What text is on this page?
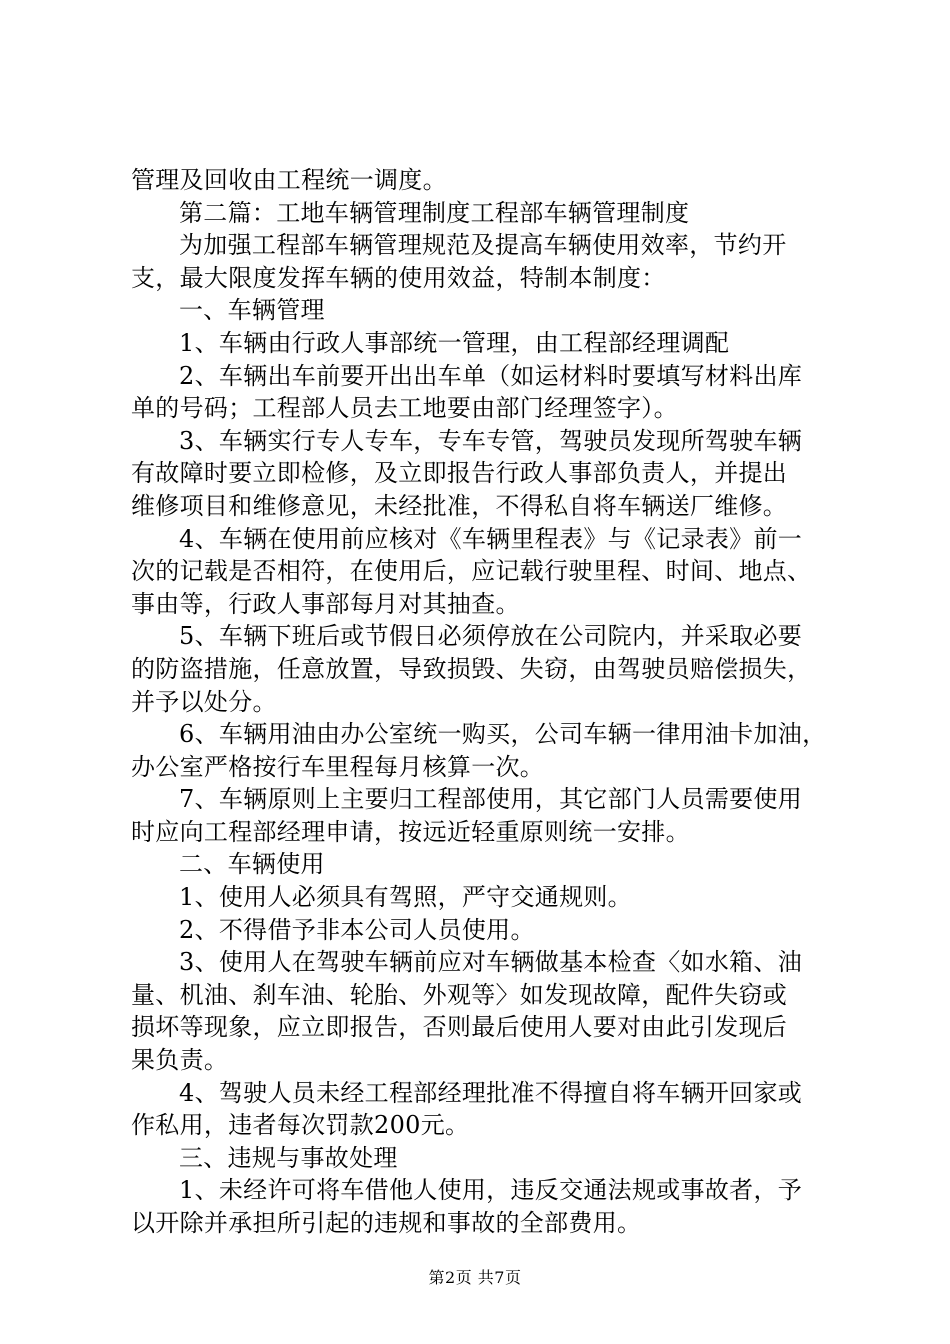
管理及回收由工程统一调度。
第二篇：工地车辆管理制度工程部车辆管理制度
为加强工程部车辆管理规范及提高车辆使用效率，节约开
支，最大限度发挥车辆的使用效益，特制本制度：
一、车辆管理
1、车辆由行政人事部统一管理，由工程部经理调配
2、车辆出车前要开出出车单（如运材料时要填写材料出库
单的号码；工程部人员去工地要由部门经理签字）。
3、车辆实行专人专车，专车专管，驾驶员发现所驾驶车辆
有故障时要立即检修，及立即报告行政人事部负责人，并提出
维修项目和维修意见，未经批准，不得私自将车辆送厂维修。
4、车辆在使用前应核对《车辆里程表》与《记录表》前一
次的记载是否相符，在使用后，应记载行驶里程、时间、地点、
事由等，行政人事部每月对其抽查。
5、车辆下班后或节假日必须停放在公司院内，并采取必要
的防盗措施，任意放置，导致损毁、失窃，由驾驶员赔偿损失，
并予以处分。
6、车辆用油由办公室统一购买，公司车辆一律用油卡加油，
办公室严格按行车里程每月核算一次。
7、车辆原则上主要归工程部使用，其它部门人员需要使用
时应向工程部经理申请，按远近轻重原则统一安排。
二、车辆使用
1、使用人必须具有驾照，严守交通规则。
2、不得借予非本公司人员使用。
3、使用人在驾驶车辆前应对车辆做基本检查〈如水箱、油
量、机油、刹车油、轮胎、外观等〉如发现故障，配件失窃或
损坏等现象，应立即报告，否则最后使用人要对由此引发现后
果负责。
4、驾驶人员未经工程部经理批准不得擅自将车辆开回家或
作私用，违者每次罚款200元。
三、违规与事故处理
1、未经许可将车借他人使用，违反交通法规或事故者，予
以开除并承担所引起的违规和事故的全部费用。
第2页 共7页
